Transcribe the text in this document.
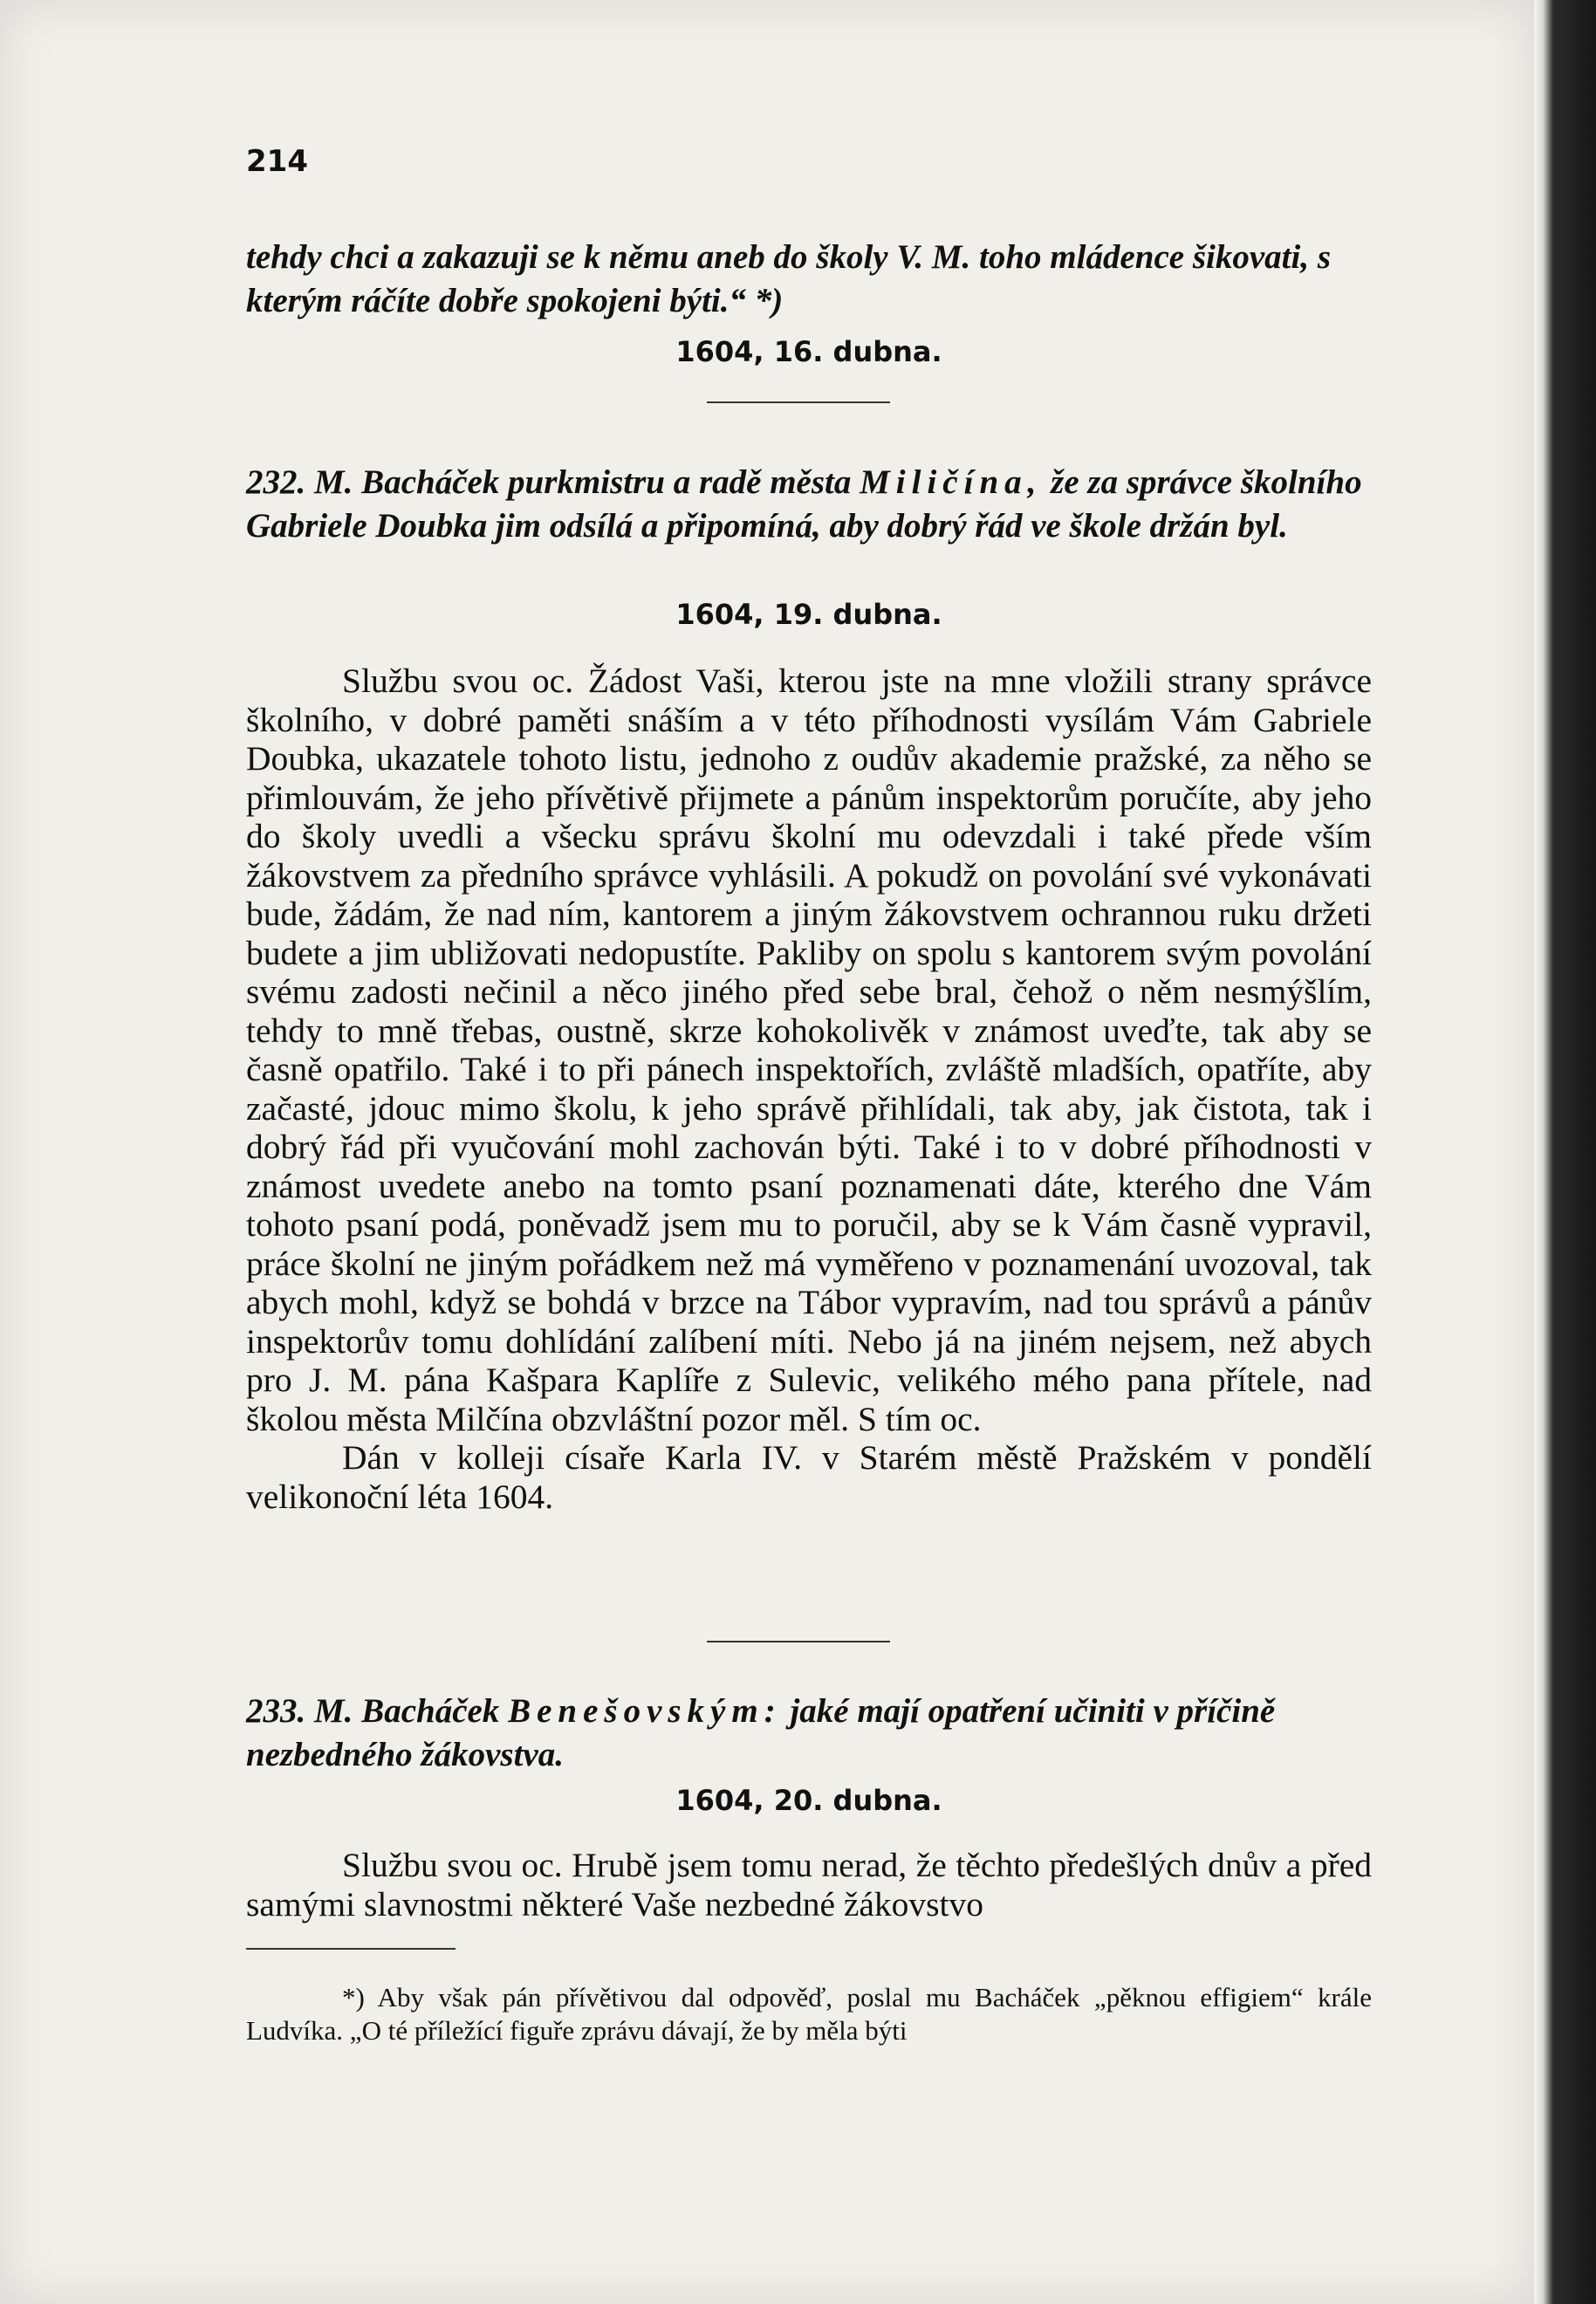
214
tehdy chci a zakazuji se k němu aneb do školy V. M. toho mládence šikovati, s kterým ráčíte dobře spokojeni býti.“ *)
1604, 16. dubna.
232. M. Bacháček purkmistru a radě města Miličína, že za správce školního Gabriele Doubka jim odsílá a připomíná, aby dobrý řád ve škole držán byl.
1604, 19. dubna.

Službu svou oc. Žádost Vaši, kterou jste na mne vložili strany správce školního, v dobré paměti snáším a v této příhodnosti vysílám Vám Gabriele Doubka, ukazatele tohoto listu, jednoho z oudův akademie pražské, za něho se přimlouvám, že jeho přívětivě přijmete a pánům inspektorům poručíte, aby jeho do školy uvedli a všecku správu školní mu odevzdali i také přede vším žákovstvem za předního správce vyhlásili. A pokudž on povolání své vykonávati bude, žádám, že nad ním, kantorem a jiným žákovstvem ochrannou ruku držeti budete a jim ubližovati nedopustíte. Pakliby on spolu s kantorem svým povolání svému zadosti nečinil a něco jiného před sebe bral, čehož o něm nesmýšlím, tehdy to mně třebas, oustně, skrze kohokolivěk v známost uveďte, tak aby se časně opatřilo. Také i to při pánech inspektořích, zvláště mladších, opatříte, aby začasté, jdouc mimo školu, k jeho správě přihlídali, tak aby, jak čistota, tak i dobrý řád při vyučování mohl zachován býti. Také i to v dobré příhodnosti v známost uvedete anebo na tomto psaní poznamenati dáte, kterého dne Vám tohoto psaní podá, poněvadž jsem mu to poručil, aby se k Vám časně vypravil, práce školní ne jiným pořádkem než má vyměřeno v poznamenání uvozoval, tak abych mohl, když se bohdá v brzce na Tábor vypravím, nad tou správů a pánův inspektorův tomu dohlídání zalíbení míti. Nebo já na jiném nejsem, než abych pro J. M. pána Kašpara Kaplíře z Sulevic, velikého mého pana přítele, nad školou města Milčína obzvláštní pozor měl. S tím oc.

Dán v kolleji císaře Karla IV. v Starém městě Pražském v pondělí velikonoční léta 1604.

233. M. Bacháček Benešovským: jaké mají opatření učiniti v příčině nezbedného žákovstva.
1604, 20. dubna.

Službu svou oc. Hrubě jsem tomu nerad, že těchto předešlých dnův a před samými slavnostmi některé Vaše nezbedné žákovstvo

*) Aby však pán přívětivou dal odpověď, poslal mu Bacháček „pěknou effigiem“ krále Ludvíka. „O té příležící figuře zprávu dávají, že by měla býti
